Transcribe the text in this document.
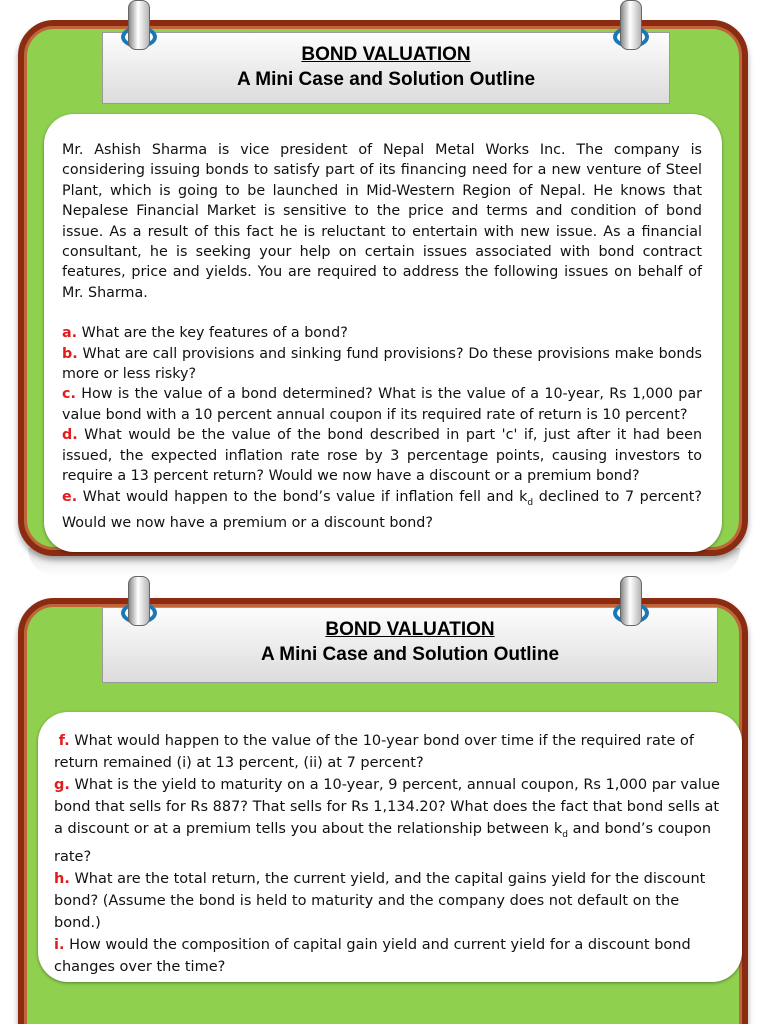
BOND VALUATION
A Mini Case and Solution Outline

Mr. Ashish Sharma is vice president of Nepal Metal Works Inc. The company is considering issuing bonds to satisfy part of its financing need for a new venture of Steel Plant, which is going to be launched in Mid-Western Region of Nepal. He knows that Nepalese Financial Market is sensitive to the price and terms and condition of bond issue. As a result of this fact he is reluctant to entertain with new issue. As a financial consultant, he is seeking your help on certain issues associated with bond contract features, price and yields. You are required to address the following issues on behalf of Mr. Sharma.

a. What are the key features of a bond?

b. What are call provisions and sinking fund provisions? Do these provisions make bonds more or less risky?

c. How is the value of a bond determined? What is the value of a 10-year, Rs 1,000 par value bond with a 10 percent annual coupon if its required rate of return is 10 percent?

d. What would be the value of the bond described in part 'c' if, just after it had been issued, the expected inflation rate rose by 3 percentage points, causing investors to require a 13 percent return? Would we now have a discount or a premium bond?

e. What would happen to the bond’s value if inflation fell and $k_d$ declined to 7 percent? Would we now have a premium or a discount bond?

BOND VALUATION
A Mini Case and Solution Outline

f. What would happen to the value of the 10-year bond over time if the required rate of return remained (i) at 13 percent, (ii) at 7 percent?

g. What is the yield to maturity on a 10-year, 9 percent, annual coupon, Rs 1,000 par value bond that sells for Rs 887? That sells for Rs 1,134.20? What does the fact that bond sells at a discount or at a premium tells you about the relationship between $k_d$ and bond’s coupon rate?

h. What are the total return, the current yield, and the capital gains yield for the discount bond? (Assume the bond is held to maturity and the company does not default on the bond.)

i. How would the composition of capital gain yield and current yield for a discount bond changes over the time?
